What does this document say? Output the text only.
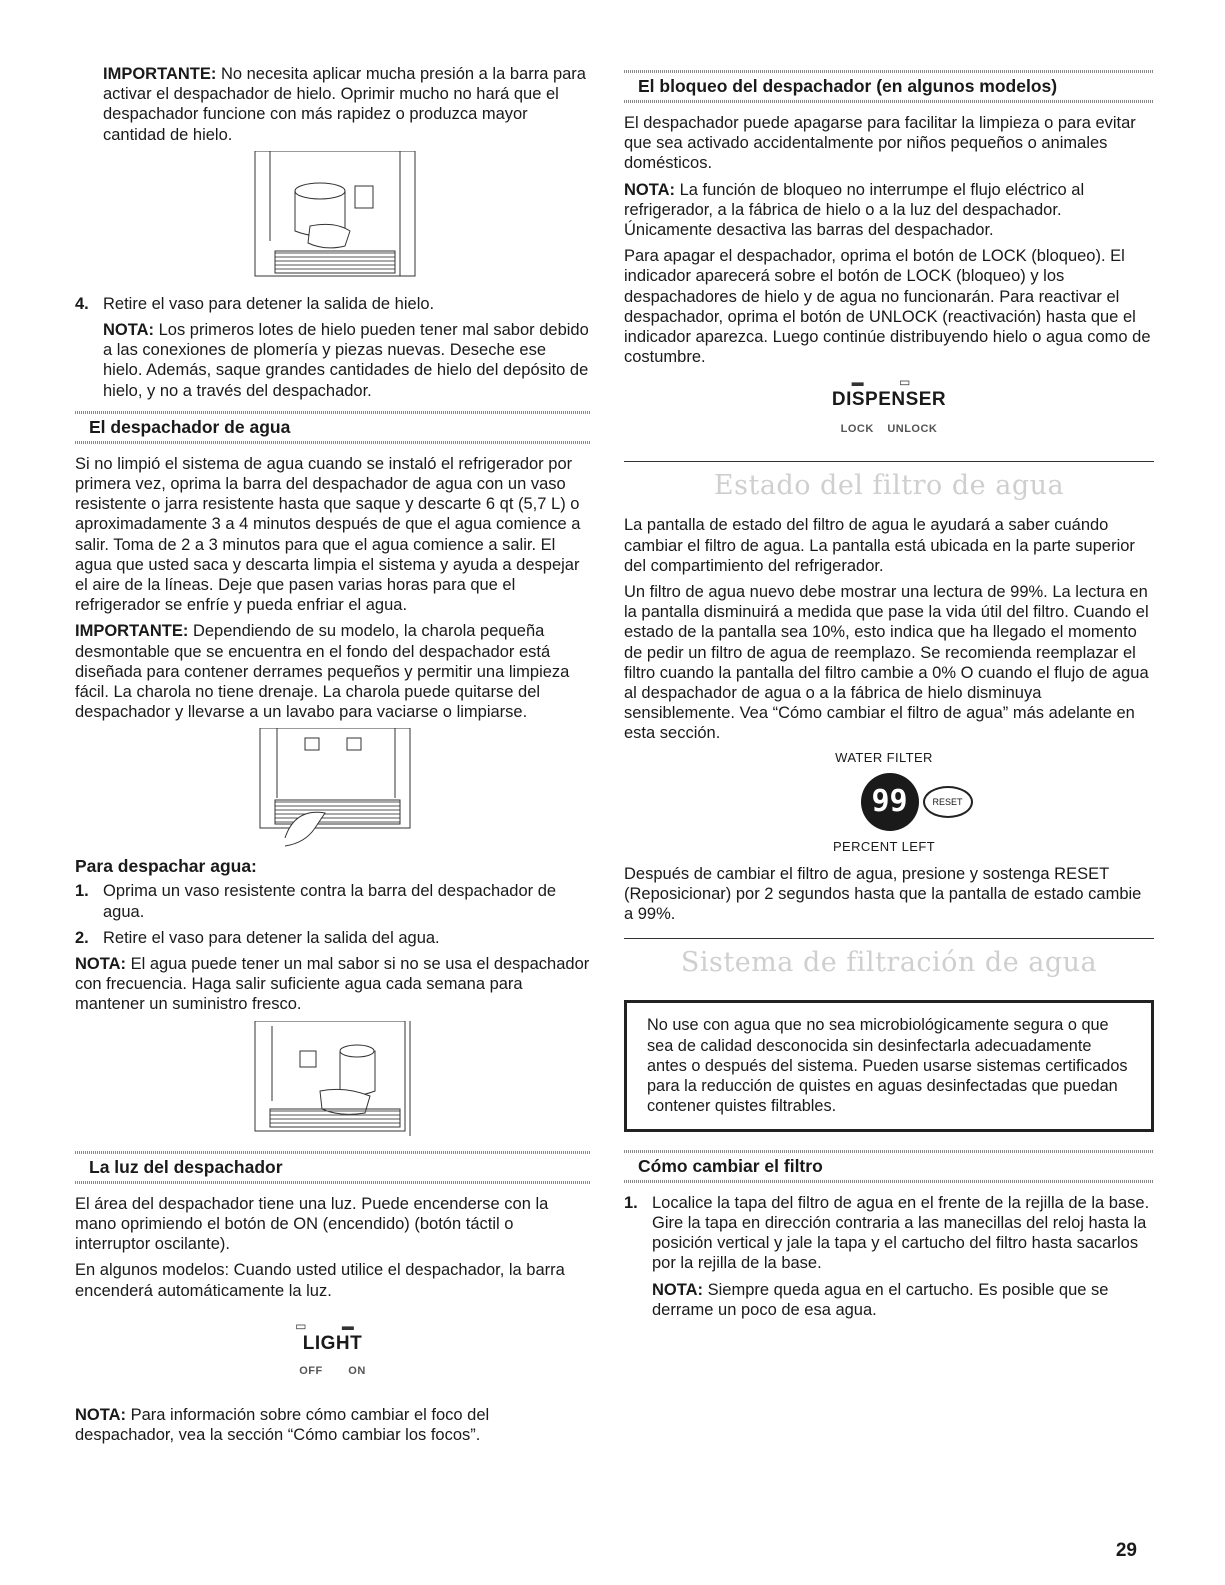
IMPORTANTE: No necesita aplicar mucha presión a la barra para activar el despachador de hielo. Oprimir mucho no hará que el despachador funcione con más rapidez o produzca mayor cantidad de hielo.

4. Retire el vaso para detener la salida de hielo.

NOTA: Los primeros lotes de hielo pueden tener mal sabor debido a las conexiones de plomería y piezas nuevas. Deseche ese hielo. Además, saque grandes cantidades de hielo del depósito de hielo, y no a través del despachador.

El despachador de agua

Si no limpió el sistema de agua cuando se instaló el refrigerador por primera vez, oprima la barra del despachador de agua con un vaso resistente o jarra resistente hasta que saque y descarte 6 qt (5,7 L) o aproximadamente 3 a 4 minutos después de que el agua comience a salir. Toma de 2 a 3 minutos para que el agua comience a salir. El agua que usted saca y descarta limpia el sistema y ayuda a despejar el aire de la líneas. Deje que pasen varias horas para que el refrigerador se enfríe y pueda enfriar el agua.

IMPORTANTE: Dependiendo de su modelo, la charola pequeña desmontable que se encuentra en el fondo del despachador está diseñada para contener derrames pequeños y permitir una limpieza fácil. La charola no tiene drenaje. La charola puede quitarse del despachador y llevarse a un lavabo para vaciarse o limpiarse.

Para despachar agua:
1. Oprima un vaso resistente contra la barra del despachador de agua.
2. Retire el vaso para detener la salida del agua.

NOTA: El agua puede tener un mal sabor si no se usa el despachador con frecuencia. Haga salir suficiente agua cada semana para mantener un suministro fresco.

La luz del despachador

El área del despachador tiene una luz. Puede encenderse con la mano oprimiendo el botón de ON (encendido) (botón táctil o interruptor oscilante).

En algunos modelos: Cuando usted utilice el despachador, la barra encenderá automáticamente la luz.

▭ ▬
LIGHT
OFF ON

NOTA: Para información sobre cómo cambiar el foco del despachador, vea la sección “Cómo cambiar los focos”.

El bloqueo del despachador (en algunos modelos)

El despachador puede apagarse para facilitar la limpieza o para evitar que sea activado accidentalmente por niños pequeños o animales domésticos.

NOTA: La función de bloqueo no interrumpe el flujo eléctrico al refrigerador, a la fábrica de hielo o a la luz del despachador. Únicamente desactiva las barras del despachador.

Para apagar el despachador, oprima el botón de LOCK (bloqueo). El indicador aparecerá sobre el botón de LOCK (bloqueo) y los despachadores de hielo y de agua no funcionarán. Para reactivar el despachador, oprima el botón de UNLOCK (reactivación) hasta que el indicador aparezca. Luego continúe distribuyendo hielo o agua como de costumbre.

▬ ▭
DISPENSER
LOCK UNLOCK
Estado del filtro de agua

La pantalla de estado del filtro de agua le ayudará a saber cuándo cambiar el filtro de agua. La pantalla está ubicada en la parte superior del compartimiento del refrigerador.

Un filtro de agua nuevo debe mostrar una lectura de 99%. La lectura en la pantalla disminuirá a medida que pase la vida útil del filtro. Cuando el estado de la pantalla sea 10%, esto indica que ha llegado el momento de pedir un filtro de agua de reemplazo. Se recomienda reemplazar el filtro cuando la pantalla del filtro cambie a 0% O cuando el flujo de agua al despachador de agua o a la fábrica de hielo disminuya sensiblemente. Vea “Cómo cambiar el filtro de agua” más adelante en esta sección.

WATER FILTER
99	RESET
PERCENT LEFT

Después de cambiar el filtro de agua, presione y sostenga RESET (Reposicionar) por 2 segundos hasta que la pantalla de estado cambie a 99%.

Sistema de filtración de agua

No use con agua que no sea microbiológicamente segura o que sea de calidad desconocida sin desinfectarla adecuadamente antes o después del sistema. Pueden usarse sistemas certificados para la reducción de quistes en aguas desinfectadas que puedan contener quistes filtrables.

Cómo cambiar el filtro
1. Localice la tapa del filtro de agua en el frente de la rejilla de la base. Gire la tapa en dirección contraria a las manecillas del reloj hasta la posición vertical y jale la tapa y el cartucho del filtro hasta sacarlos por la rejilla de la base.

NOTA: Siempre queda agua en el cartucho. Es posible que se derrame un poco de esa agua.

29
